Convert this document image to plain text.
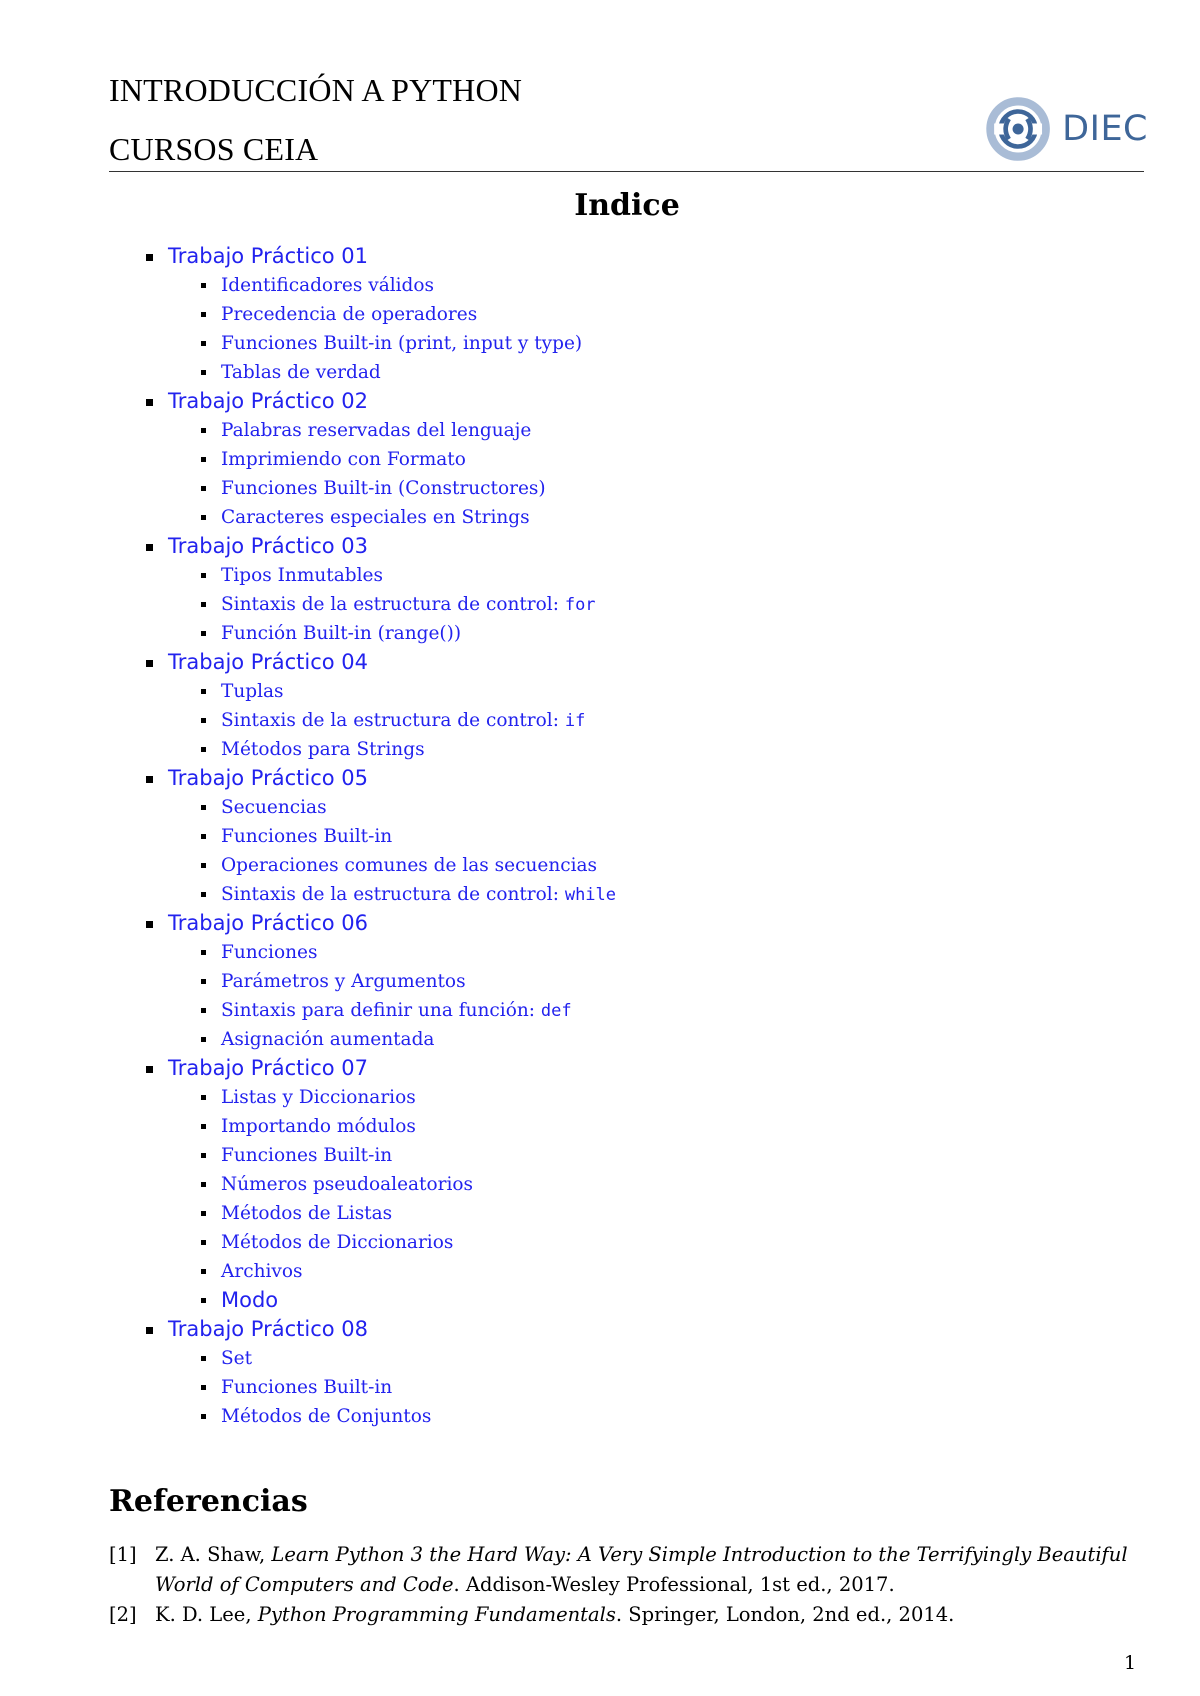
INTRODUCCIÓN A PYTHON
CURSOS CEIA	DIEC
Indice
Trabajo Práctico 01
Identificadores válidos
Precedencia de operadores
Funciones Built-in (print, input y type)
Tablas de verdad
Trabajo Práctico 02
Palabras reservadas del lenguaje
Imprimiendo con Formato
Funciones Built-in (Constructores)
Caracteres especiales en Strings
Trabajo Práctico 03
Tipos Inmutables
Sintaxis de la estructura de control: for
Función Built-in (range())
Trabajo Práctico 04
Tuplas
Sintaxis de la estructura de control: if
Métodos para Strings
Trabajo Práctico 05
Secuencias
Funciones Built-in
Operaciones comunes de las secuencias
Sintaxis de la estructura de control: while
Trabajo Práctico 06
Funciones
Parámetros y Argumentos
Sintaxis para definir una función: def
Asignación aumentada
Trabajo Práctico 07
Listas y Diccionarios
Importando módulos
Funciones Built-in
Números pseudoaleatorios
Métodos de Listas
Métodos de Diccionarios
Archivos
Modo
Trabajo Práctico 08
Set
Funciones Built-in
Métodos de Conjuntos
Referencias
[1] Z. A. Shaw, Learn Python 3 the Hard Way: A Very Simple Introduction to the Terrifyingly Beautiful World of Computers and Code. Addison-Wesley Professional, 1st ed., 2017.
[2] K. D. Lee, Python Programming Fundamentals. Springer, London, 2nd ed., 2014.
1
